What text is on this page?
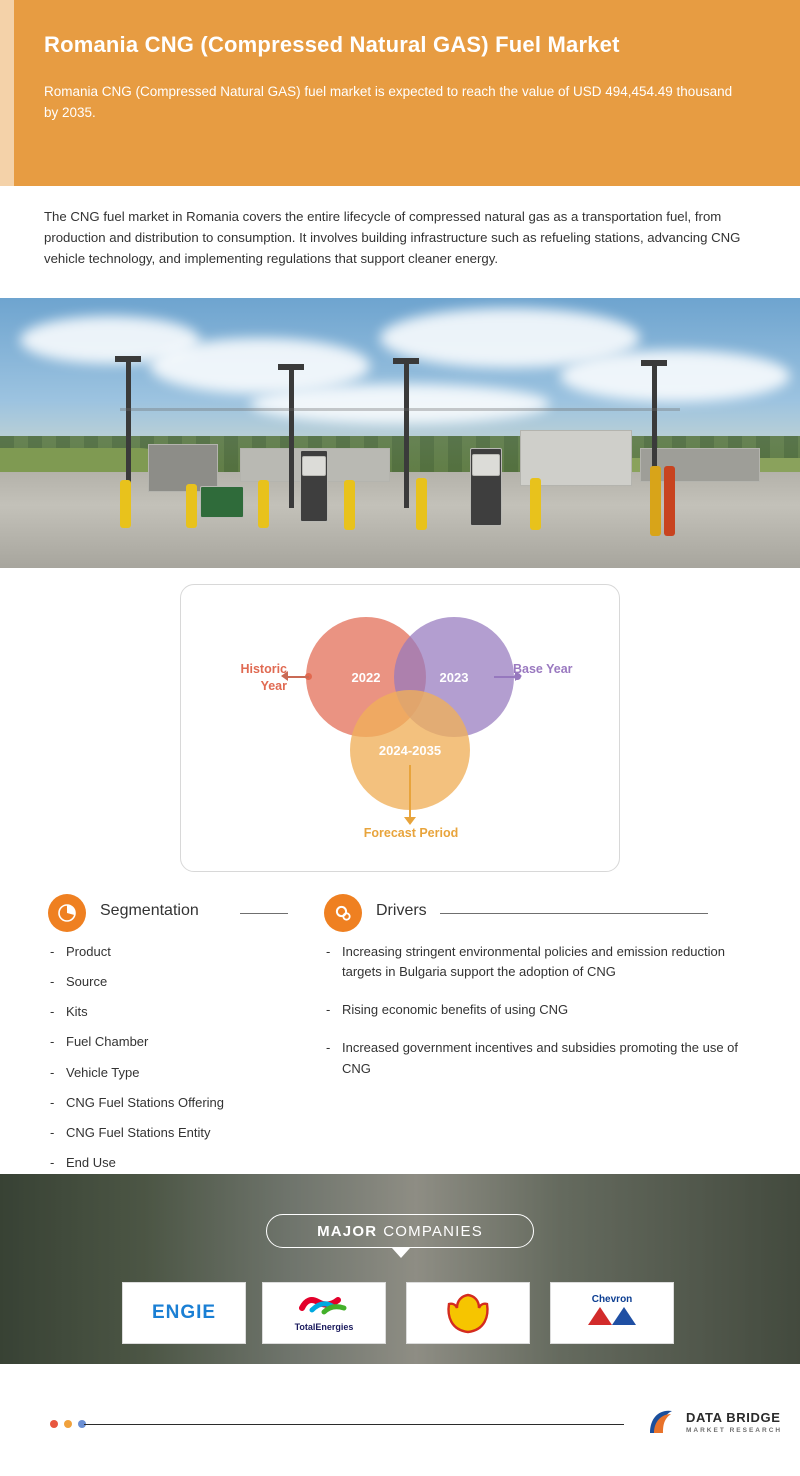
Romania CNG (Compressed Natural GAS) Fuel Market
Romania CNG (Compressed Natural GAS) fuel market is expected to reach the value of USD 494,454.49 thousand by 2035.

The CNG fuel market in Romania covers the entire lifecycle of compressed natural gas as a transportation fuel, from production and distribution to consumption. It involves building infrastructure such as refueling stations, advancing CNG vehicle technology, and implementing regulations that support cleaner energy.

2022	2023
2024-2035
Historic Year
Base Year
Forecast Period
Segmentation	Drivers
- Product
- Source
- Kits
- Fuel Chamber
- Vehicle Type
- CNG Fuel Stations Offering
- CNG Fuel Stations Entity
- End Use
- Increasing stringent environmental policies and emission reduction targets in Bulgaria support the adoption of CNG
- Rising economic benefits of using CNG
- Increased government incentives and subsidies promoting the use of CNG
MAJOR COMPANIES
ENGIE
TotalEnergies
Chevron
DATA BRIDGE
MARKET RESEARCH
